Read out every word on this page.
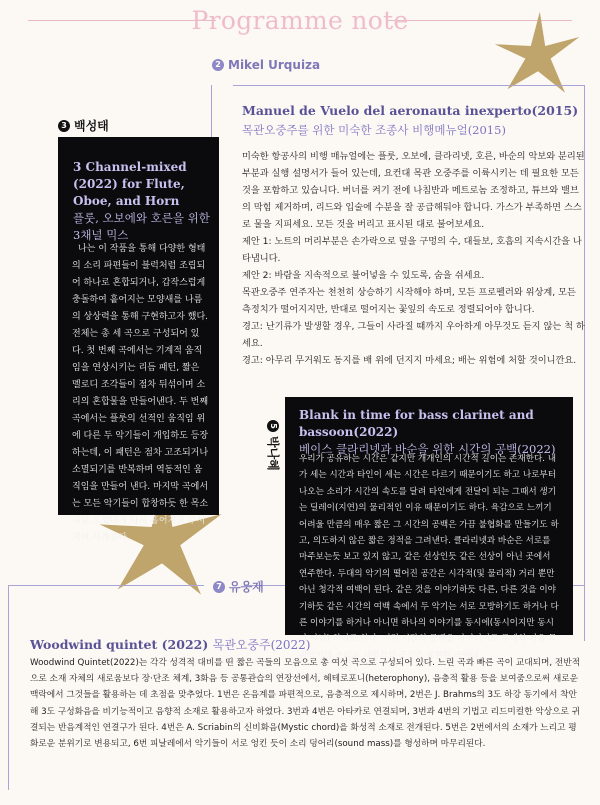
Programme note
2 Mikel Urquiza
3 백성태
5
박나혜
7 유웅재
Manuel de Vuelo del aeronauta inexperto(2015)
목관오중주를 위한 미숙한 조종사 비행메뉴얼(2015)

미숙한 항공사의 비행 매뉴얼에는 플룻, 오보에, 클라리넷, 호른, 바순의 악보와 분리된 부분과 실행 설명서가 들어 있는데, 요컨대 목관 오중주를 이륙시키는 데 필요한 모든 것을 포함하고 있습니다. 버너를 켜기 전에 나침반과 메트로놈 조정하고, 튜브와 밸브의 막힘 제거하며, 리드와 입술에 수분을 잘 공급해둬야 합니다. 가스가 부족하면 스스로 물을 지피세요. 모든 것을 버리고 표시된 대로 불어보세요.

제안 1: 노트의 머리부분은 손가락으로 덮을 구멍의 수, 대들보, 호흡의 지속시간을 나타냅니다.

제안 2: 바람을 지속적으로 불어넣을 수 있도록, 숨을 쉬세요.

목관오중주 연주자는 천천히 상승하기 시작해야 하며, 모든 프로펠러와 위상계, 모든 측정치가 떨어지지만, 반대로 떨어지는 꽃잎의 속도로 정렬되어야 합니다.

경고: 난기류가 발생할 경우, 그들이 사라질 때까지 우아하게 아무것도 듣지 않는 척 하세요.

경고: 아무리 무거워도 동지를 배 위에 던지지 마세요; 배는 위험에 처할 것이니깐요.

3 Channel-mixed (2022) for Flute, Oboe, and Horn
플룻, 오보에와 호른을 위한 3채널 믹스
나는 이 작품을 통해 다양한 형태의 소리 파편들이 블럭처럼 조립되어 하나로 혼합되거나, 갑작스럽게 충돌하여 흩어지는 모양새를 나름의 상상력을 통해 구현하고자 했다. 전체는 총 세 곡으로 구성되어 있다. 첫 번째 곡에서는 기계적 움직임을 연상시키는 리듬 패턴, 짧은 멜로디 조각들이 점차 뒤섞이며 소리의 혼합물을 만들어낸다. 두 번째 곡에서는 플룻의 선적인 움직임 위에 다른 두 악기들이 개입하도 등장하는데, 이 패턴은 점차 고조되거나 소멸되기를 반복하며 역동적인 움직임을 만들어 낸다. 마지막 곡에서는 모든 악기들이 합창하듯 한 목소리로 모였다가 다시 흩어지고 부서지며 사라진다.
Blank in time for bass clarinet and bassoon(2022)
베이스 클라리넷과 바순을 위한 시간의 공백(2022)
우리가 공유하는 시간은 같지만 개개인의 시간적 길이는 존재한다. 내가 세는 시간과 타인이 세는 시간은 다르기 때문이기도 하고 나로부터 나오는 소리가 시간의 속도를 달려 타인에게 전달이 되는 그때서 생기는 딜레이(지연)의 물리적인 이유 때문이기도 하다. 육감으로 느끼기 어려울 만큼의 매우 짧은 그 시간의 공백은 가끔 불협화를 만들기도 하고, 의도하지 않은 짧은 정적을 그려낸다. 클라리넷과 바순은 서로를 마주보는듯 보고 있지 않고, 같은 선상인듯 같은 선상이 아닌 곳에서 연주한다. 두대의 악기의 떨어진 공간은 시각적(및 물리적) 거리 뿐만 아닌 청각적 여백이 된다. 같은 것을 이야기하듯 다른, 다른 것을 이야기하듯 같은 시간의 여백 속에서 두 악기는 서로 모방하기도 하거나 다른 이야기를 하거나 아니면 하나의 이야기를 동시에(동시이지만 동시가 아닌) 하기도 한다. 이런 시간의 공백을 아이디어로 두대의 저음 목관악기의 소리로 시청각의 공간을 표현한 곡이다.
Woodwind quintet (2022) 목관오중주(2022)
Woodwind Quintet(2022)는 각각 성격적 대비를 띤 짧은 곡들의 모음으로 총 여섯 곡으로 구성되어 있다. 느린 곡과 빠른 곡이 교대되며, 전반적으로 소재 자체의 새로움보다 장·단조 체계, 3화음 등 공통관습의 연장선에서, 헤테로포니(heterophony), 음층적 활용 등을 보여줌으로써 새로운 맥락에서 그것들을 활용하는 데 초점을 맞추었다. 1번은 온음계를 파편적으로, 음층적으로 제시하며, 2번은 J. Brahms의 3도 하강 동기에서 착안해 3도 구성화음을 비기능적이고 음향적 소재로 활용하고자 하였다. 3번과 4번은 아타카로 연결되며, 3번과 4번의 기법고 리드미컬한 악상으로 귀결되는 반음계적인 연결구가 된다. 4번은 A. Scriabin의 신비화음(Mystic chord)을 화성적 소재로 전개된다. 5번은 2번에서의 소재가 느리고 평화로운 분위기로 변용되고, 6번 피날레에서 악기들이 서로 엉킨 듯이 소리 덩어리(sound mass)를 형성하며 마무리된다.
